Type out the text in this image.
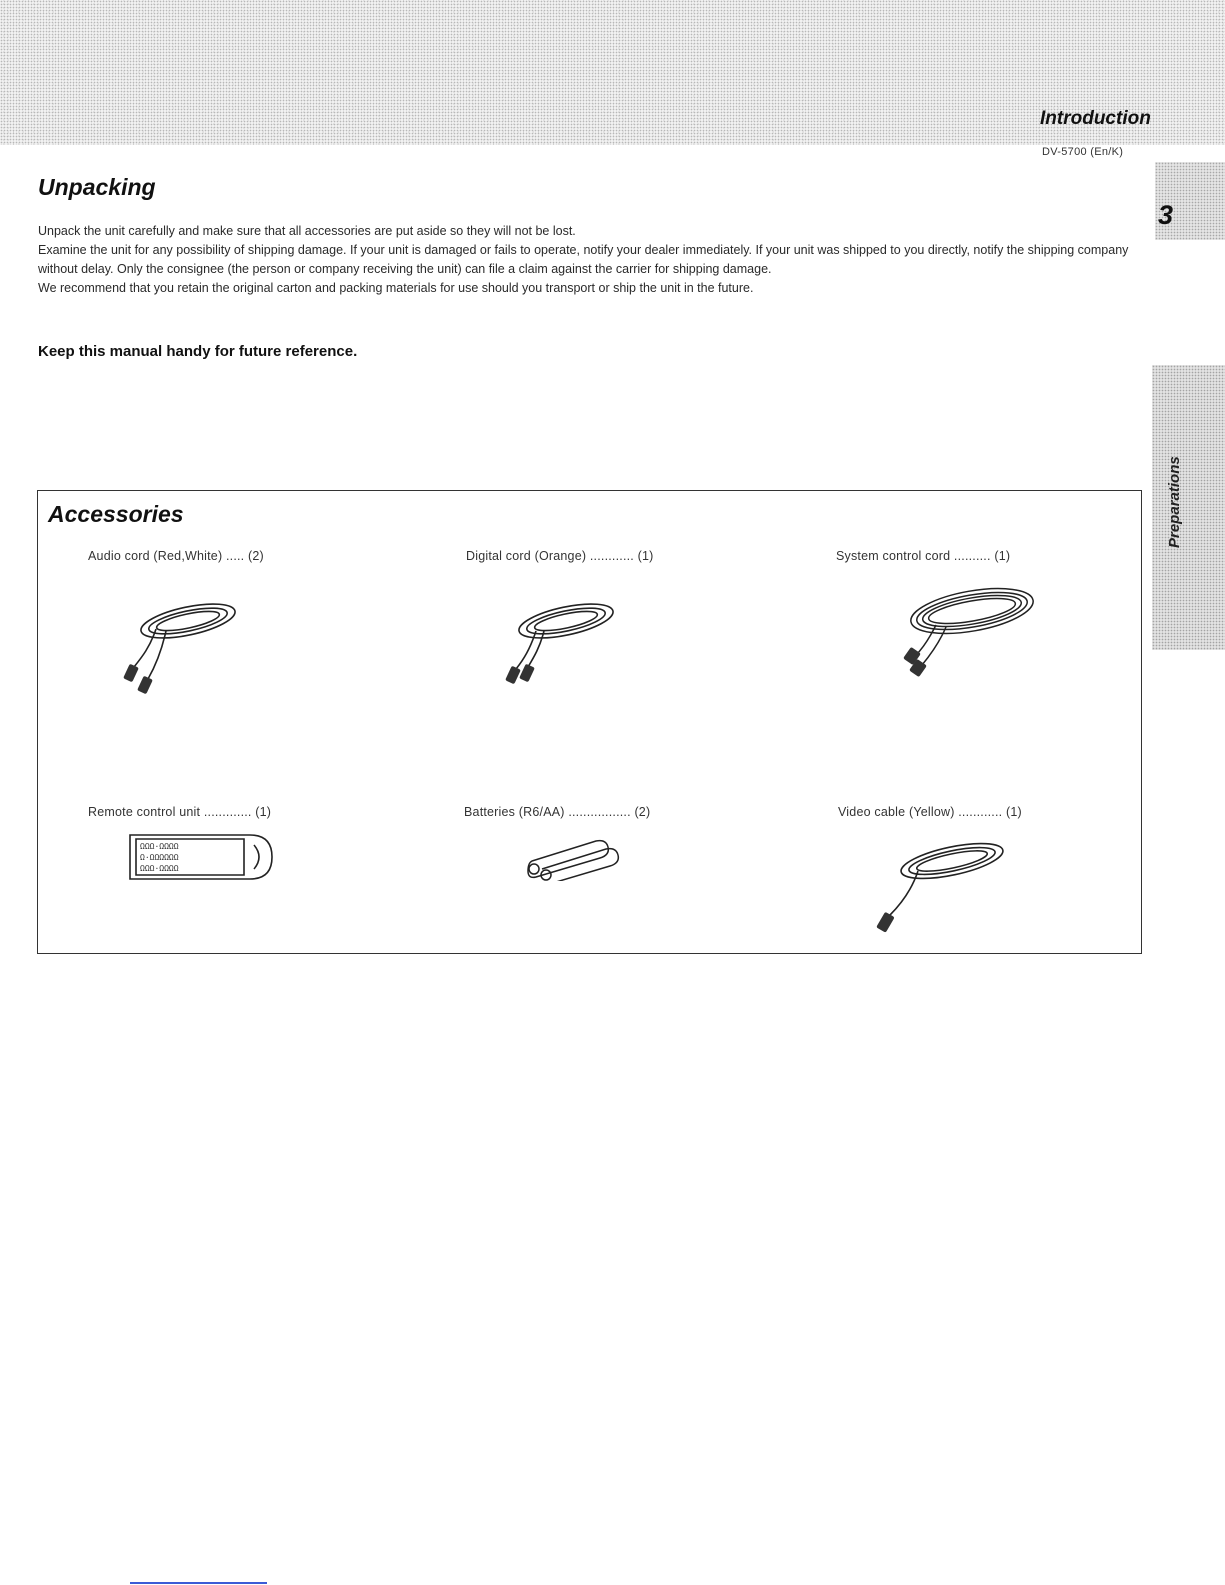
Introduction
DV-5700 (En/K)
3
Preparations
Unpacking

Unpack the unit carefully and make sure that all accessories are put aside so they will not be lost.

Examine the unit for any possibility of shipping damage. If your unit is damaged or fails to operate, notify your dealer immediately. If your unit was shipped to you directly, notify the shipping company without delay. Only the consignee (the person or company receiving the unit) can file a claim against the carrier for shipping damage.

We recommend that you retain the original carton and packing materials for use should you transport or ship the unit in the future.

Keep this manual handy for future reference.

Accessories
Audio cord (Red,White) ..... (2)	Digital cord (Orange) ............ (1)	System control cord .......... (1)
Remote control unit ............. (1)
ΩΩΩ·ΩΩΩΩ
Ω·ΩΩΩΩΩΩ
ΩΩΩ·ΩΩΩΩ
Batteries (R6/AA) ................. (2)	Video cable (Yellow) ............ (1)
